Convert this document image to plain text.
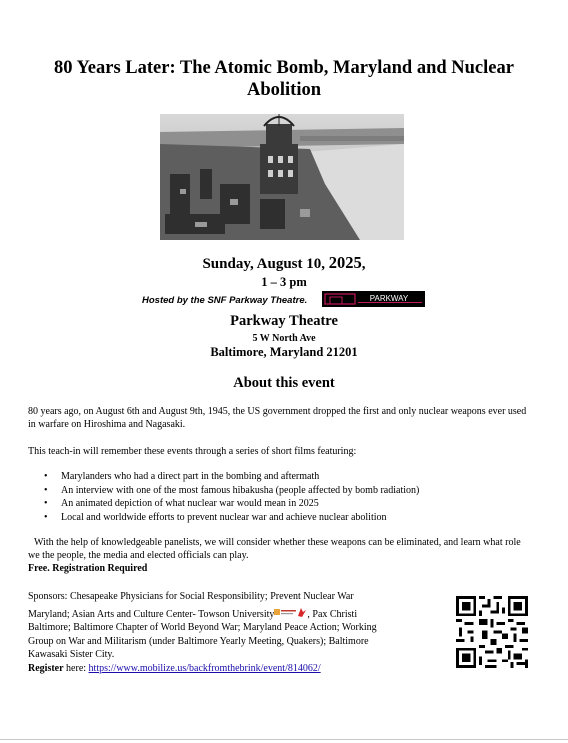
80 Years Later: The Atomic Bomb, Maryland and Nuclear Abolition
Sunday, August 10, 2025,
1 – 3 pm
Hosted by the SNF Parkway Theatre.	PARKWAY
Parkway Theatre
5 W North Ave
Baltimore, Maryland 21201
About this event
80 years ago, on August 6th and August 9th, 1945, the US government dropped the first and only nuclear weapons ever used in warfare on Hiroshima and Nagasaki.
This teach-in will remember these events through a series of short films featuring:
• Marylanders who had a direct part in the bombing and aftermath
• An interview with one of the most famous hibakusha (people affected by bomb radiation)
• An animated depiction of what nuclear war would mean in 2025
• Local and worldwide efforts to prevent nuclear war and achieve nuclear abolition
With the help of knowledgeable panelists, we will consider whether these weapons can be eliminated, and learn what role we the people, the media and elected officials can play.
Free. Registration Required
Sponsors: Chesapeake Physicians for Social Responsibility; Prevent Nuclear War
Maryland; Asian Arts and Culture Center- Towson University	, Pax Christi
Baltimore; Baltimore Chapter of World Beyond War; Maryland Peace Action; Working
Group on War and Militarism (under Baltimore Yearly Meeting, Quakers); Baltimore
Kawasaki Sister City.
Register here: https://www.mobilize.us/backfromthebrink/event/814062/
